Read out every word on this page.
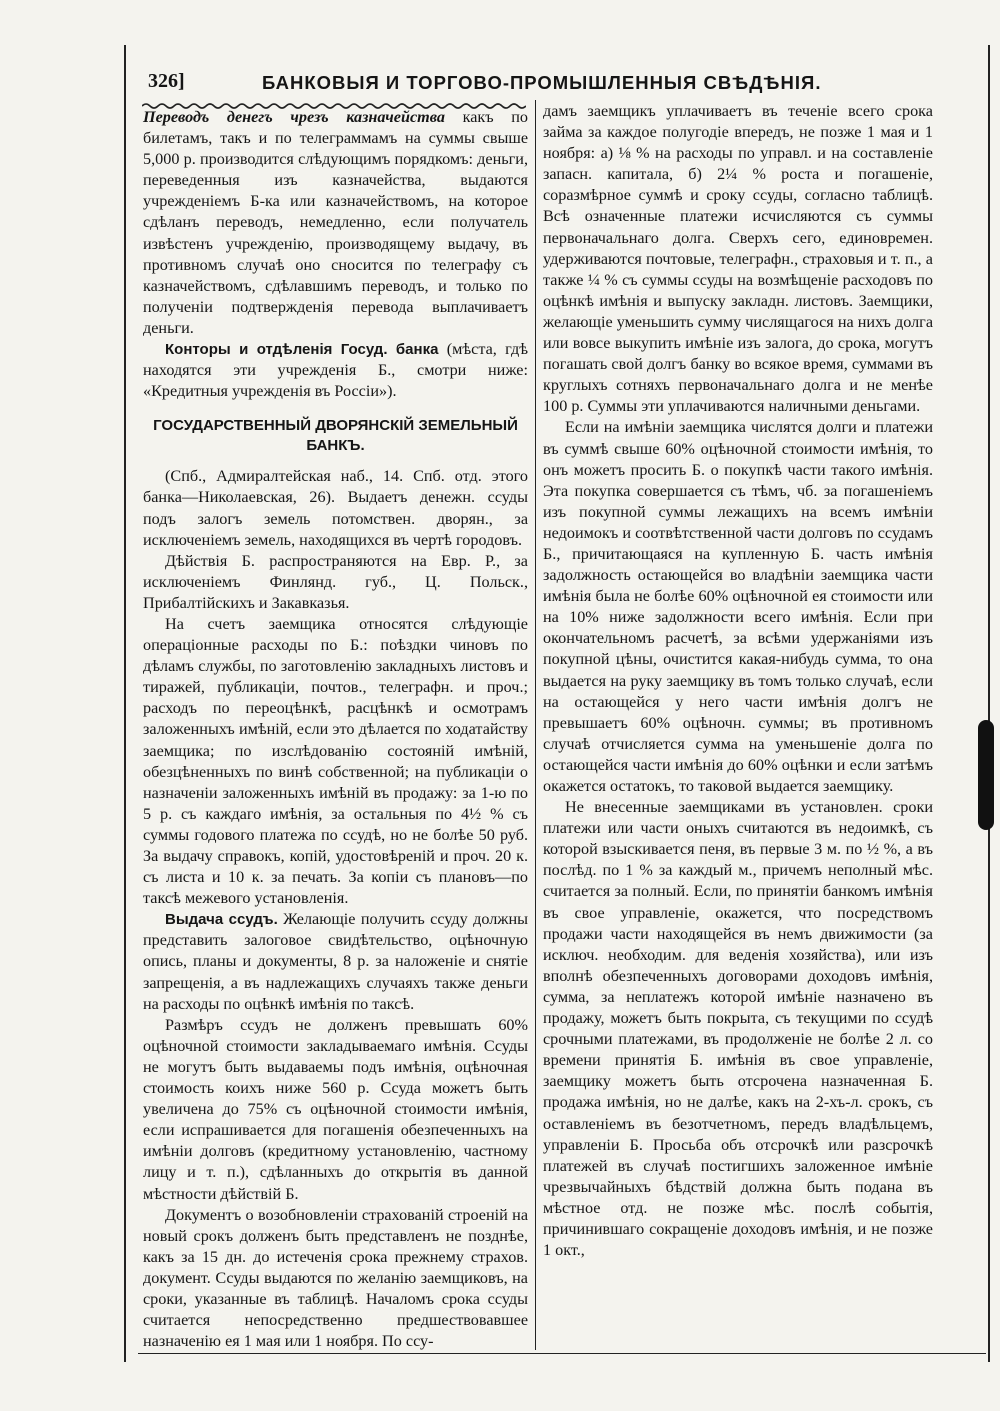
326]	БАНКОВЫЯ И ТОРГОВО-ПРОМЫШЛЕННЫЯ СВѢДѢНІЯ.

Переводъ денегъ чрезъ казначейства какъ по билетамъ, такъ и по телеграммамъ на суммы свыше 5,000 р. производится слѣдующимъ порядкомъ: деньги, переведенныя изъ казначейства, выдаются учрежденіемъ Б-ка или казначействомъ, на которое сдѣланъ переводъ, немедленно, если получатель извѣстенъ учрежденію, производящему выдачу, въ противномъ случаѣ оно сносится по телеграфу съ казначействомъ, сдѣлавшимъ переводъ, и только по полученіи подтвержденія перевода выплачиваетъ деньги.

Конторы и отдѣленія Госуд. банка (мѣста, гдѣ находятся эти учрежденія Б., смотри ниже: «Кредитныя учрежденія въ Россіи»).

ГОСУДАРСТВЕННЫЙ ДВОРЯНСКІЙ ЗЕМЕЛЬНЫЙ БАНКЪ.

(Спб., Адмиралтейская наб., 14. Спб. отд. этого банка—Николаевская, 26). Выдаетъ денежн. ссуды подъ залогъ земель потомствен. дворян., за исключеніемъ земель, находящихся въ чертѣ городовъ.

Дѣйствія Б. распространяются на Евр. Р., за исключеніемъ Финлянд. губ., Ц. Польск., Прибалтійскихъ и Закавказья.

На счетъ заемщика относятся слѣдующіе операціонные расходы по Б.: поѣздки чиновъ по дѣламъ службы, по заготовленію закладныхъ листовъ и тиражей, публикаціи, почтов., телеграфн. и проч.; расходъ по переоцѣнкѣ, расцѣнкѣ и осмотрамъ заложенныхъ имѣній, если это дѣлается по ходатайству заемщика; по изслѣдованію состояній имѣній, обезцѣненныхъ по винѣ собственной; на публикаціи о назначеніи заложенныхъ имѣній въ продажу: за 1-ю по 5 р. съ каждаго имѣнія, за остальныя по 4½ % съ суммы годового платежа по ссудѣ, но не болѣе 50 руб. За выдачу справокъ, копій, удостовѣреній и проч. 20 к. съ листа и 10 к. за печать. За копіи съ плановъ—по таксѣ межевого установленія.

Выдача ссудъ. Желающіе получить ссуду должны представить залоговое свидѣтельство, оцѣночную опись, планы и документы, 8 р. за наложеніе и снятіе запрещенія, а въ надлежащихъ случаяхъ также деньги на расходы по оцѣнкѣ имѣнія по таксѣ.

Размѣръ ссудъ не долженъ превышать 60% оцѣночной стоимости закладываемаго имѣнія. Ссуды не могутъ быть выдаваемы подъ имѣнія, оцѣночная стоимость коихъ ниже 560 р. Ссуда можетъ быть увеличена до 75% съ оцѣночной стоимости имѣнія, если испрашивается для погашенія обезпеченныхъ на имѣніи долговъ (кредитному установленію, частному лицу и т. п.), сдѣланныхъ до открытія въ данной мѣстности дѣйствій Б.

Документъ о возобновленіи страхованій строеній на новый срокъ долженъ быть представленъ не позднѣе, какъ за 15 дн. до истеченія срока прежнему страхов. документ. Ссуды выдаются по желанію заемщиковъ, на сроки, указанные въ таблицѣ. Началомъ срока ссуды считается непосредственно предшествовавшее назначенію ея 1 мая или 1 ноября. По ссу-

дамъ заемщикъ уплачиваетъ въ теченіе всего срока займа за каждое полугодіе впередъ, не позже 1 мая и 1 ноября: а) ⅛ % на расходы по управл. и на составленіе запасн. капитала, б) 2¼ % роста и погашеніе, соразмѣрное суммѣ и сроку ссуды, согласно таблицѣ. Всѣ означенные платежи исчисляются съ суммы первоначальнаго долга. Сверхъ сего, единовремен. удерживаются почтовые, телеграфн., страховыя и т. п., а также ¼ % съ суммы ссуды на возмѣщеніе расходовъ по оцѣнкѣ имѣнія и выпуску закладн. листовъ. Заемщики, желающіе уменьшить сумму числящагося на нихъ долга или вовсе выкупить имѣніе изъ залога, до срока, могутъ погашать свой долгъ банку во всякое время, суммами въ круглыхъ сотняхъ первоначальнаго долга и не менѣе 100 р. Суммы эти уплачиваются наличными деньгами.

Если на имѣніи заемщика числятся долги и платежи въ суммѣ свыше 60% оцѣночной стоимости имѣнія, то онъ можетъ просить Б. о покупкѣ части такого имѣнія. Эта покупка совершается съ тѣмъ, чб. за погашеніемъ изъ покупной суммы лежащихъ на всемъ имѣніи недоимокъ и соотвѣтственной части долговъ по ссудамъ Б., причитающаяся на купленную Б. часть имѣнія задолжность остающейся во владѣніи заемщика части имѣнія была не болѣе 60% оцѣночной ея стоимости или на 10% ниже задолжности всего имѣнія. Если при окончательномъ расчетѣ, за всѣми удержаніями изъ покупной цѣны, очистится какая-нибудь сумма, то она выдается на руку заемщику въ томъ только случаѣ, если на остающейся у него части имѣнія долгъ не превышаетъ 60% оцѣночн. суммы; въ противномъ случаѣ отчисляется сумма на уменьшеніе долга по остающейся части имѣнія до 60% оцѣнки и если затѣмъ окажется остатокъ, то таковой выдается заемщику.

Не внесенные заемщиками въ установлен. сроки платежи или части оныхъ считаются въ недоимкѣ, съ которой взыскивается пеня, въ первые 3 м. по ½ %, а въ послѣд. по 1 % за каждый м., причемъ неполный мѣс. считается за полный. Если, по принятіи банкомъ имѣнія въ свое управленіе, окажется, что посредствомъ продажи части находящейся въ немъ движимости (за исключ. необходим. для веденія хозяйства), или изъ вполнѣ обезпеченныхъ договорами доходовъ имѣнія, сумма, за неплатежъ которой имѣніе назначено въ продажу, можетъ быть покрыта, съ текущими по ссудѣ срочными платежами, въ продолженіе не болѣе 2 л. со времени принятія Б. имѣнія въ свое управленіе, заемщику можетъ быть отсрочена назначенная Б. продажа имѣнія, но не далѣе, какъ на 2-хъ-л. срокъ, съ оставленіемъ въ безотчетномъ, передъ владѣльцемъ, управленіи Б. Просьба объ отсрочкѣ или разсрочкѣ платежей въ случаѣ постигшихъ заложенное имѣніе чрезвычайныхъ бѣдствій должна быть подана въ мѣстное отд. не позже мѣс. послѣ событія, причинившаго сокращеніе доходовъ имѣнія, и не позже 1 окт.,
